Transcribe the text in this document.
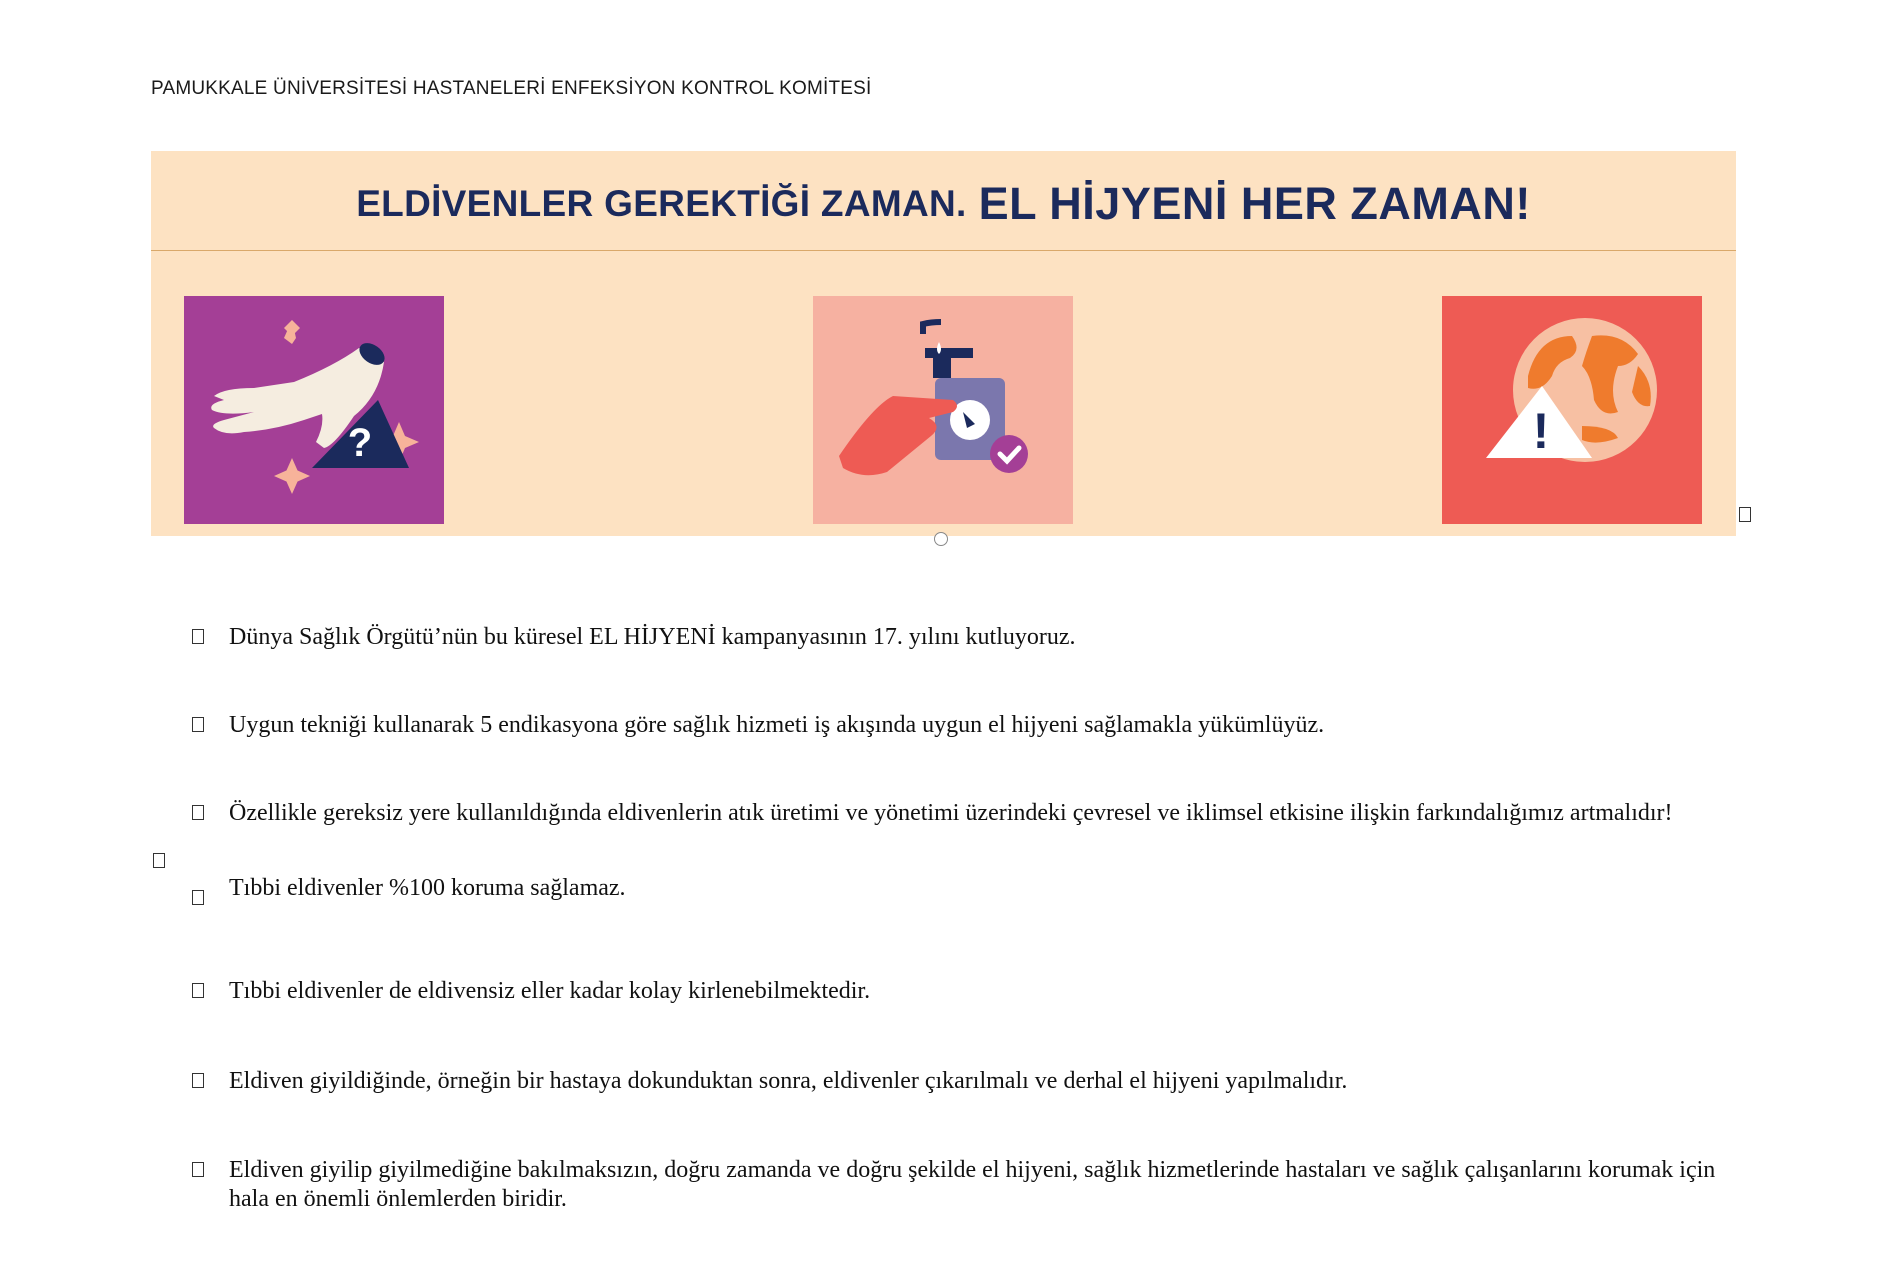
PAMUKKALE ÜNİVERSİTESİ HASTANELERİ ENFEKSİYON KONTROL KOMİTESİ
ELDİVENLER GEREKTİĞİ ZAMAN. EL HİJYENİ HER ZAMAN!
?	!
Dünya Sağlık Örgütü’nün bu küresel EL HİJYENİ kampanyasının 17. yılını kutluyoruz.
Uygun tekniği kullanarak 5 endikasyona göre sağlık hizmeti iş akışında uygun el hijyeni sağlamakla yükümlüyüz.
Özellikle gereksiz yere kullanıldığında eldivenlerin atık üretimi ve yönetimi üzerindeki çevresel ve iklimsel etkisine ilişkin farkındalığımız artmalıdır!
Tıbbi eldivenler %100 koruma sağlamaz.
Tıbbi eldivenler de eldivensiz eller kadar kolay kirlenebilmektedir.
Eldiven giyildiğinde, örneğin bir hastaya dokunduktan sonra, eldivenler çıkarılmalı ve derhal el hijyeni yapılmalıdır.
Eldiven giyilip giyilmediğine bakılmaksızın, doğru zamanda ve doğru şekilde el hijyeni, sağlık hizmetlerinde hastaları ve sağlık çalışanlarını korumak için hala en önemli önlemlerden biridir.
